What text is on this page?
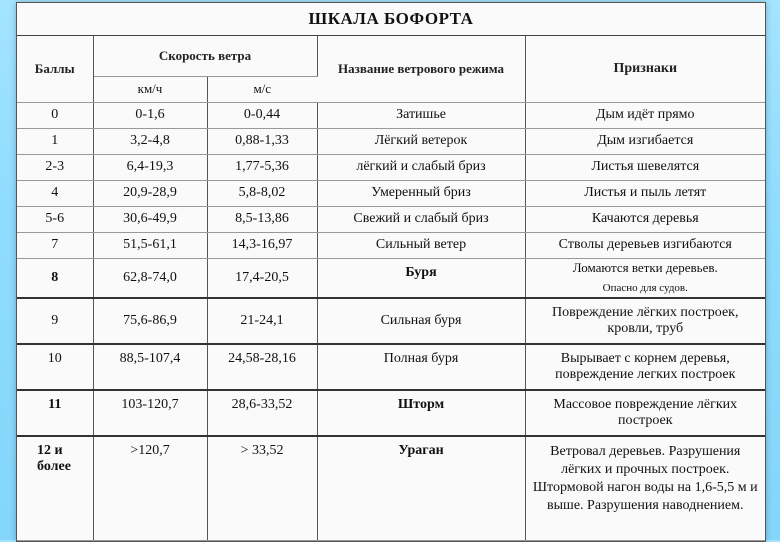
ШКАЛА БОФОРТА
Баллы	Скорость ветра		Название ветрового режима	Признаки
	км/ч	м/с		
0	0-1,6	0-0,44	Затишье	Дым идёт прямо
1	3,2-4,8	0,88-1,33	Лёгкий ветерок	Дым изгибается
2-3	6,4-19,3	1,77-5,36	лёгкий и слабый бриз	Листья шевелятся
4	20,9-28,9	5,8-8,02	Умеренный бриз	Листья и пыль летят
5-6	30,6-49,9	8,5-13,86	Свежий и слабый бриз	Качаются деревья
7	51,5-61,1	14,3-16,97	Сильный ветер	Стволы деревьев изгибаются
8	62,8-74,0	17,4-20,5	Буря	Ломаются ветки деревьев.
Опасно для судов.

9	75,6-86,9	21-24,1	Сильная буря	Повреждение лёгких построек, кровли, труб
10	88,5-107,4	24,58-28,16	Полная буря	Вырывает с корнем деревья, повреждение легких построек
11	103-120,7	28,6-33,52	Шторм	Массовое повреждение лёгких построек
12 и более	>120,7	> 33,52	Ураган	Ветровал деревьев. Разрушения лёгких и прочных построек. Штормовой нагон воды на 1,6-5,5 м и выше. Разрушения наводнением.
